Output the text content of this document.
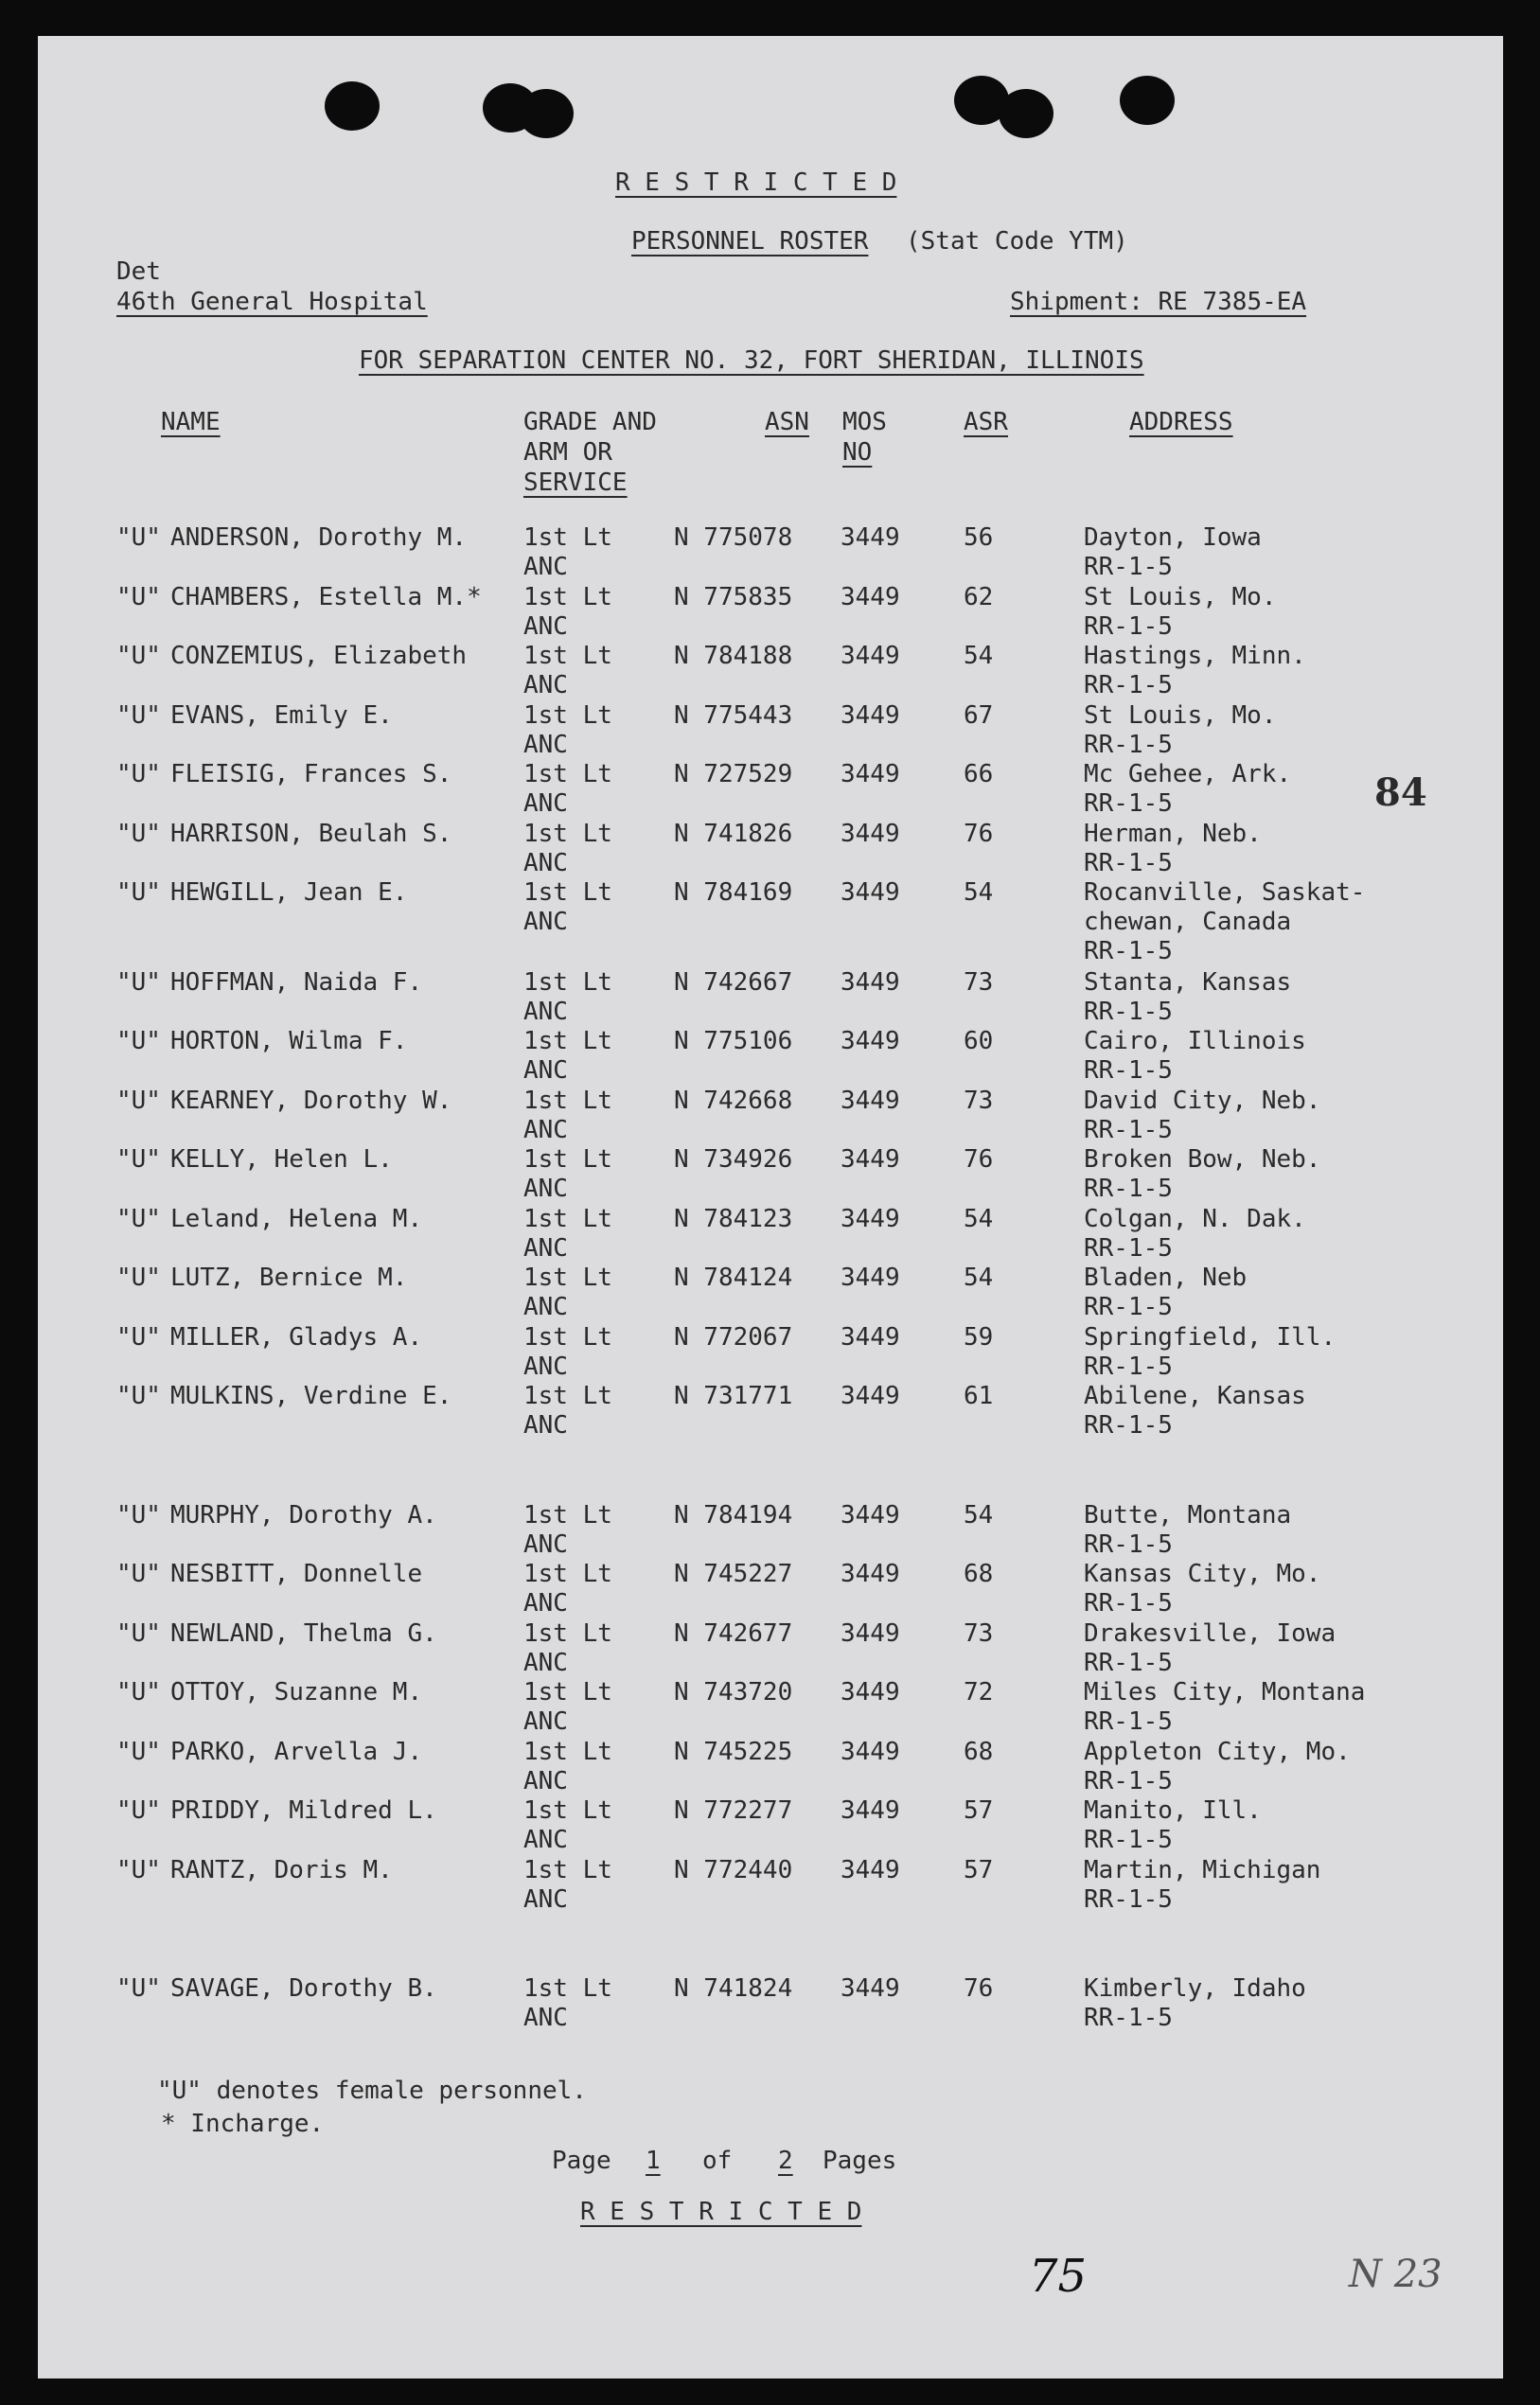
R E S T R I C T E D
PERSONNEL ROSTER (Stat Code YTM)
Det
46th General Hospital	Shipment: RE 7385-EA
FOR SEPARATION CENTER NO. 32, FORT SHERIDAN, ILLINOIS
NAME	GRADE AND
ARM OR
SERVICE
ASN MOS
NO
ASR	ADDRESS
"U" ANDERSON, Dorothy M. 1st Lt	N 775078 3449	56	Dayton, Iowa
ANC	RR-1-5
"U" CHAMBERS, Estella M.* 1st Lt	N 775835 3449	62	St Louis, Mo.
ANC	RR-1-5
"U" CONZEMIUS, Elizabeth 1st Lt	N 784188 3449	54	Hastings, Minn.
ANC	RR-1-5
"U" EVANS, Emily E.	1st Lt	N 775443 3449	67	St Louis, Mo.
ANC	RR-1-5
"U" FLEISIG, Frances S.	1st Lt	N 727529 3449	66	Mc Gehee, Ark.
ANC	RR-1-5
"U" HARRISON, Beulah S.	1st Lt	N 741826 3449	76	Herman, Neb.
ANC	RR-1-5
"U" HEWGILL, Jean E.	1st Lt	N 784169 3449	54	Rocanville, Saskat-
ANC	chewan, Canada
RR-1-5
"U" HOFFMAN, Naida F.	1st Lt	N 742667 3449	73	Stanta, Kansas
ANC	RR-1-5
"U" HORTON, Wilma F.	1st Lt	N 775106 3449	60	Cairo, Illinois
ANC	RR-1-5
"U" KEARNEY, Dorothy W.	1st Lt	N 742668 3449	73	David City, Neb.
ANC	RR-1-5
"U" KELLY, Helen L.	1st Lt	N 734926 3449	76	Broken Bow, Neb.
ANC	RR-1-5
"U" Leland, Helena M.	1st Lt	N 784123 3449	54	Colgan, N. Dak.
ANC	RR-1-5
"U" LUTZ, Bernice M.	1st Lt	N 784124 3449	54	Bladen, Neb
ANC	RR-1-5
"U" MILLER, Gladys A.	1st Lt	N 772067 3449	59	Springfield, Ill.
ANC	RR-1-5
"U" MULKINS, Verdine E.	1st Lt	N 731771 3449	61	Abilene, Kansas
ANC	RR-1-5
"U" MURPHY, Dorothy A.	1st Lt	N 784194 3449	54	Butte, Montana
ANC	RR-1-5
"U" NESBITT, Donnelle	1st Lt	N 745227 3449	68	Kansas City, Mo.
ANC	RR-1-5
"U" NEWLAND, Thelma G.	1st Lt	N 742677 3449	73	Drakesville, Iowa
ANC	RR-1-5
"U" OTTOY, Suzanne M.	1st Lt	N 743720 3449	72	Miles City, Montana
ANC	RR-1-5
"U" PARKO, Arvella J.	1st Lt	N 745225 3449	68	Appleton City, Mo.
ANC	RR-1-5
"U" PRIDDY, Mildred L.	1st Lt	N 772277 3449	57	Manito, Ill.
ANC	RR-1-5
"U" RANTZ, Doris M.	1st Lt	N 772440 3449	57	Martin, Michigan
ANC	RR-1-5
"U" SAVAGE, Dorothy B.	1st Lt	N 741824 3449	76	Kimberly, Idaho
ANC	RR-1-5
84
"U" denotes female personnel.
* Incharge.
Page 1 of 2 Pages
R E S T R I C T E D
75	N 23
